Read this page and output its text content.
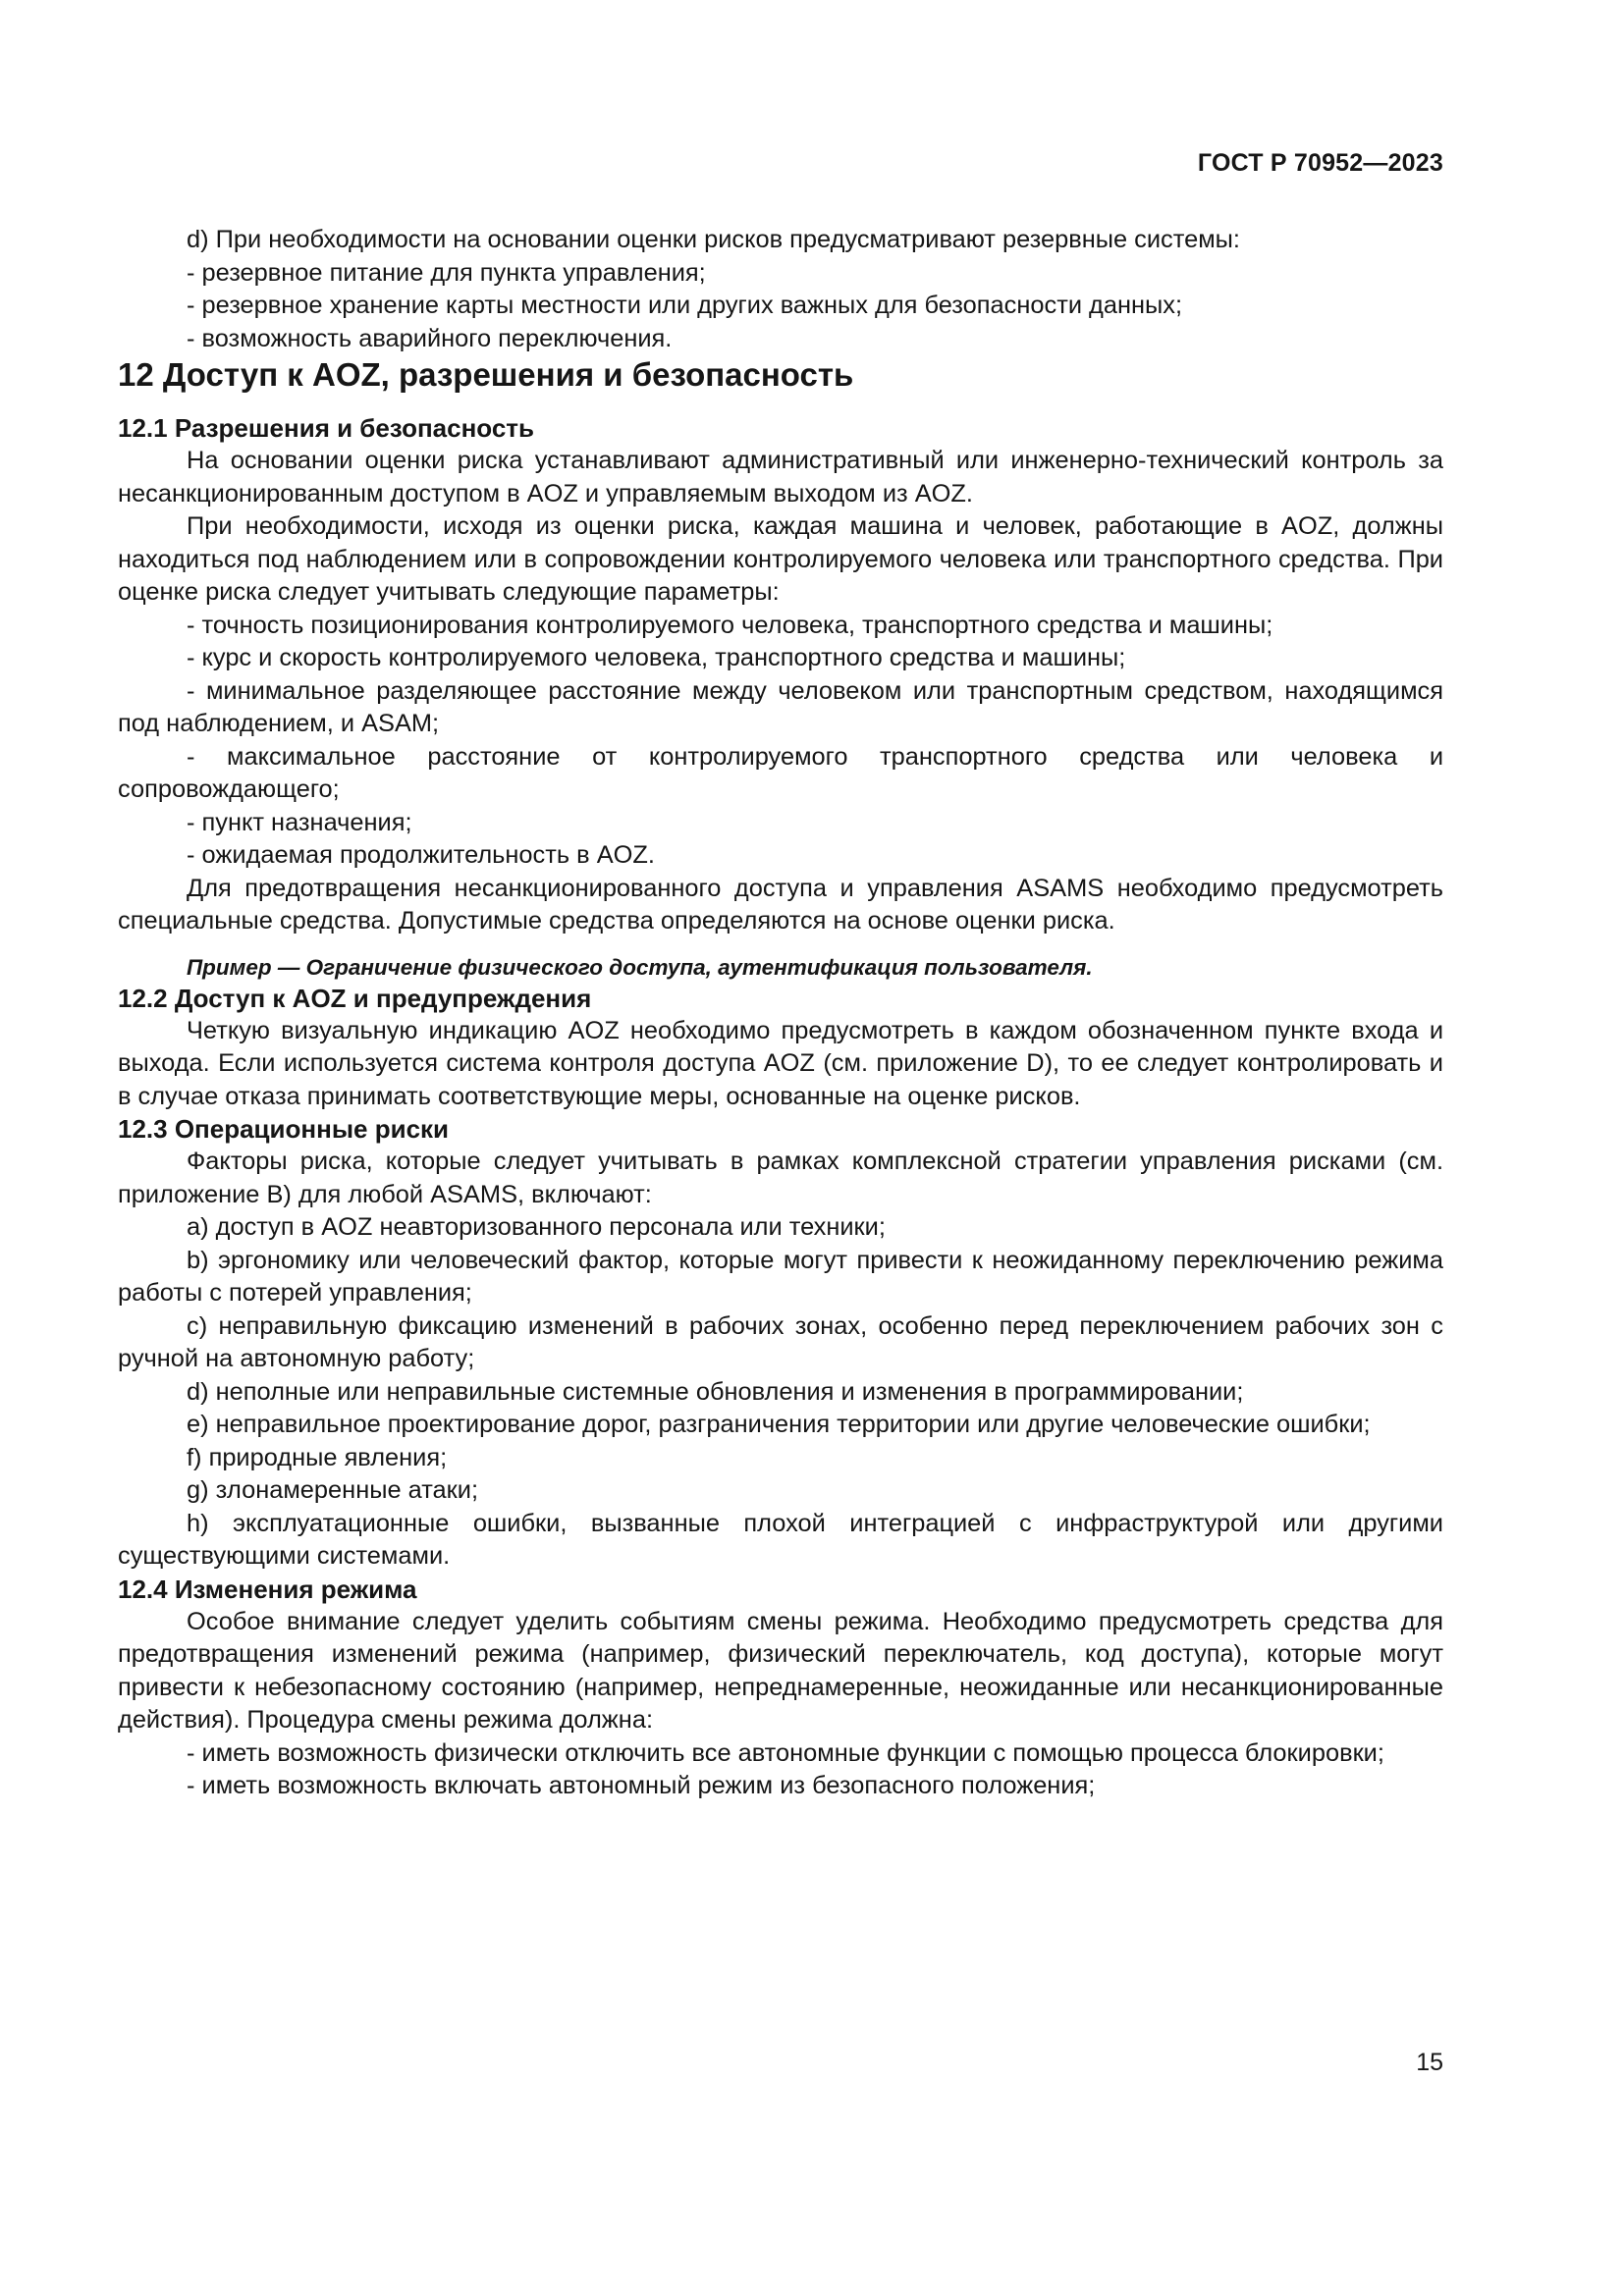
ГОСТ Р 70952—2023

d) При необходимости на основании оценки рисков предусматривают резервные системы:

- резервное питание для пункта управления;

- резервное хранение карты местности или других важных для безопасности данных;

- возможность аварийного переключения.

12 Доступ к AOZ, разрешения и безопасность

12.1 Разрешения и безопасность

На основании оценки риска устанавливают административный или инженерно-технический контроль за несанкционированным доступом в AOZ и управляемым выходом из AOZ.

При необходимости, исходя из оценки риска, каждая машина и человек, работающие в AOZ, должны находиться под наблюдением или в сопровождении контролируемого человека или транспортного средства. При оценке риска следует учитывать следующие параметры:

- точность позиционирования контролируемого человека, транспортного средства и машины;

- курс и скорость контролируемого человека, транспортного средства и машины;

- минимальное разделяющее расстояние между человеком или транспортным средством, находящимся под наблюдением, и ASAM;

- максимальное расстояние от контролируемого транспортного средства или человека и сопровождающего;

- пункт назначения;

- ожидаемая продолжительность в AOZ.

Для предотвращения несанкционированного доступа и управления ASAMS необходимо предусмотреть специальные средства. Допустимые средства определяются на основе оценки риска.

Пример — Ограничение физического доступа, аутентификация пользователя.

12.2 Доступ к AOZ и предупреждения

Четкую визуальную индикацию AOZ необходимо предусмотреть в каждом обозначенном пункте входа и выхода. Если используется система контроля доступа AOZ (см. приложение D), то ее следует контролировать и в случае отказа принимать соответствующие меры, основанные на оценке рисков.

12.3 Операционные риски

Факторы риска, которые следует учитывать в рамках комплексной стратегии управления рисками (см. приложение B) для любой ASAMS, включают:

a) доступ в AOZ неавторизованного персонала или техники;

b) эргономику или человеческий фактор, которые могут привести к неожиданному переключению режима работы с потерей управления;

c) неправильную фиксацию изменений в рабочих зонах, особенно перед переключением рабочих зон с ручной на автономную работу;

d) неполные или неправильные системные обновления и изменения в программировании;

e) неправильное проектирование дорог, разграничения территории или другие человеческие ошибки;

f) природные явления;

g) злонамеренные атаки;

h) эксплуатационные ошибки, вызванные плохой интеграцией с инфраструктурой или другими существующими системами.

12.4 Изменения режима

Особое внимание следует уделить событиям смены режима. Необходимо предусмотреть средства для предотвращения изменений режима (например, физический переключатель, код доступа), которые могут привести к небезопасному состоянию (например, непреднамеренные, неожиданные или несанкционированные действия). Процедура смены режима должна:

- иметь возможность физически отключить все автономные функции с помощью процесса блокировки;

- иметь возможность включать автономный режим из безопасного положения;

15
